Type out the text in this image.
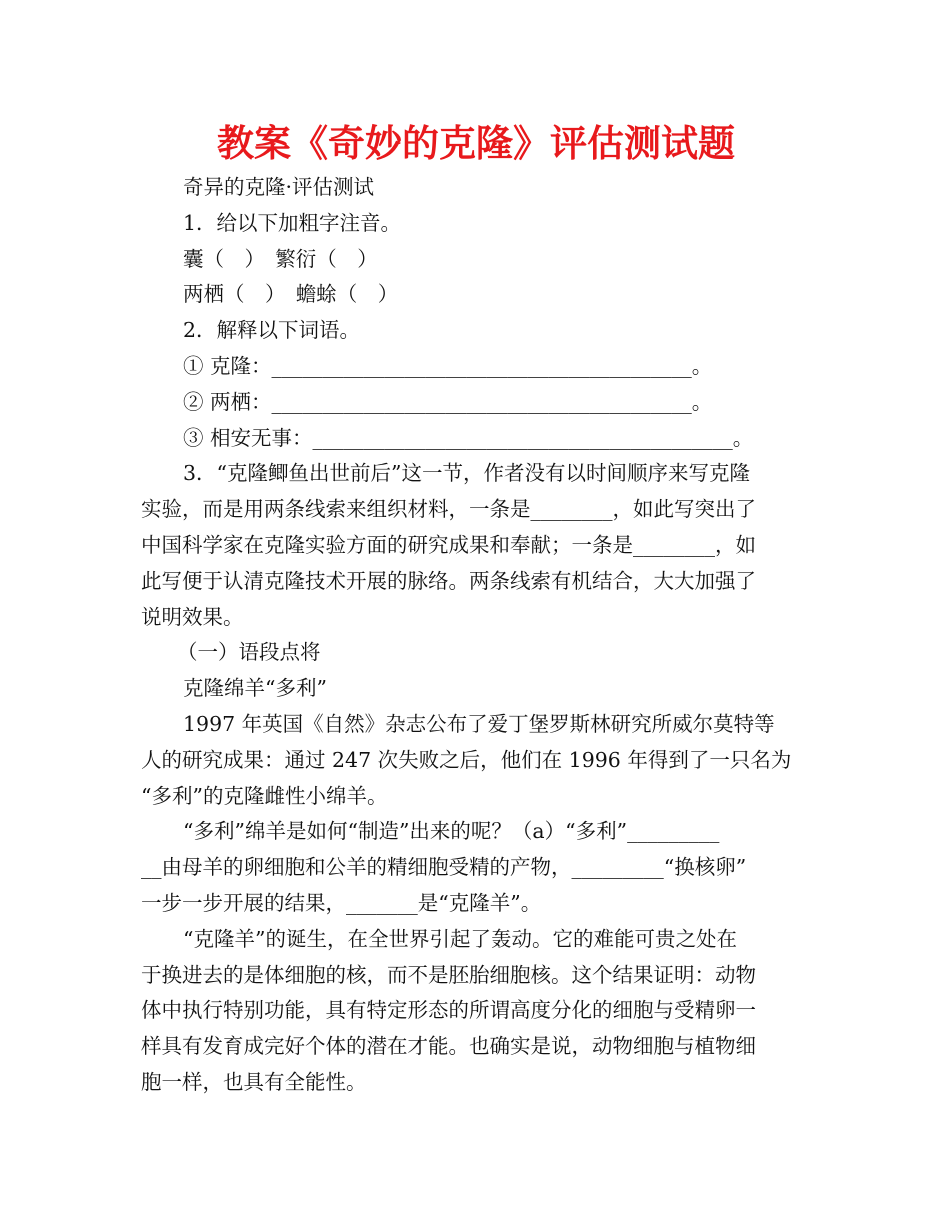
教案《奇妙的克隆》评估测试题
奇异的克隆·评估测试
1．给以下加粗字注音。
囊（　）　繁衍（　）
两栖（　）　蟾蜍（　）
2．解释以下词语。
① 克隆：_________________________________________。
② 两栖：_________________________________________。
③ 相安无事：_________________________________________。
3．“克隆鲫鱼出世前后”这一节，作者没有以时间顺序来写克隆
实验，而是用两条线索来组织材料，一条是________，如此写突出了
中国科学家在克隆实验方面的研究成果和奉献；一条是________，如
此写便于认清克隆技术开展的脉络。两条线索有机结合，大大加强了
说明效果。
（一）语段点将
克隆绵羊“多利”
1997 年英国《自然》杂志公布了爱丁堡罗斯林研究所威尔莫特等
人的研究成果：通过 247 次失败之后，他们在 1996 年得到了一只名为
“多利”的克隆雌性小绵羊。
“多利”绵羊是如何“制造”出来的呢？（a）“多利”_________
__由母羊的卵细胞和公羊的精细胞受精的产物，_________“换核卵”
一步一步开展的结果，_______是“克隆羊”。
“克隆羊”的诞生，在全世界引起了轰动。它的难能可贵之处在
于换进去的是体细胞的核，而不是胚胎细胞核。这个结果证明：动物
体中执行特别功能，具有特定形态的所谓高度分化的细胞与受精卵一
样具有发育成完好个体的潜在才能。也确实是说，动物细胞与植物细
胞一样，也具有全能性。
